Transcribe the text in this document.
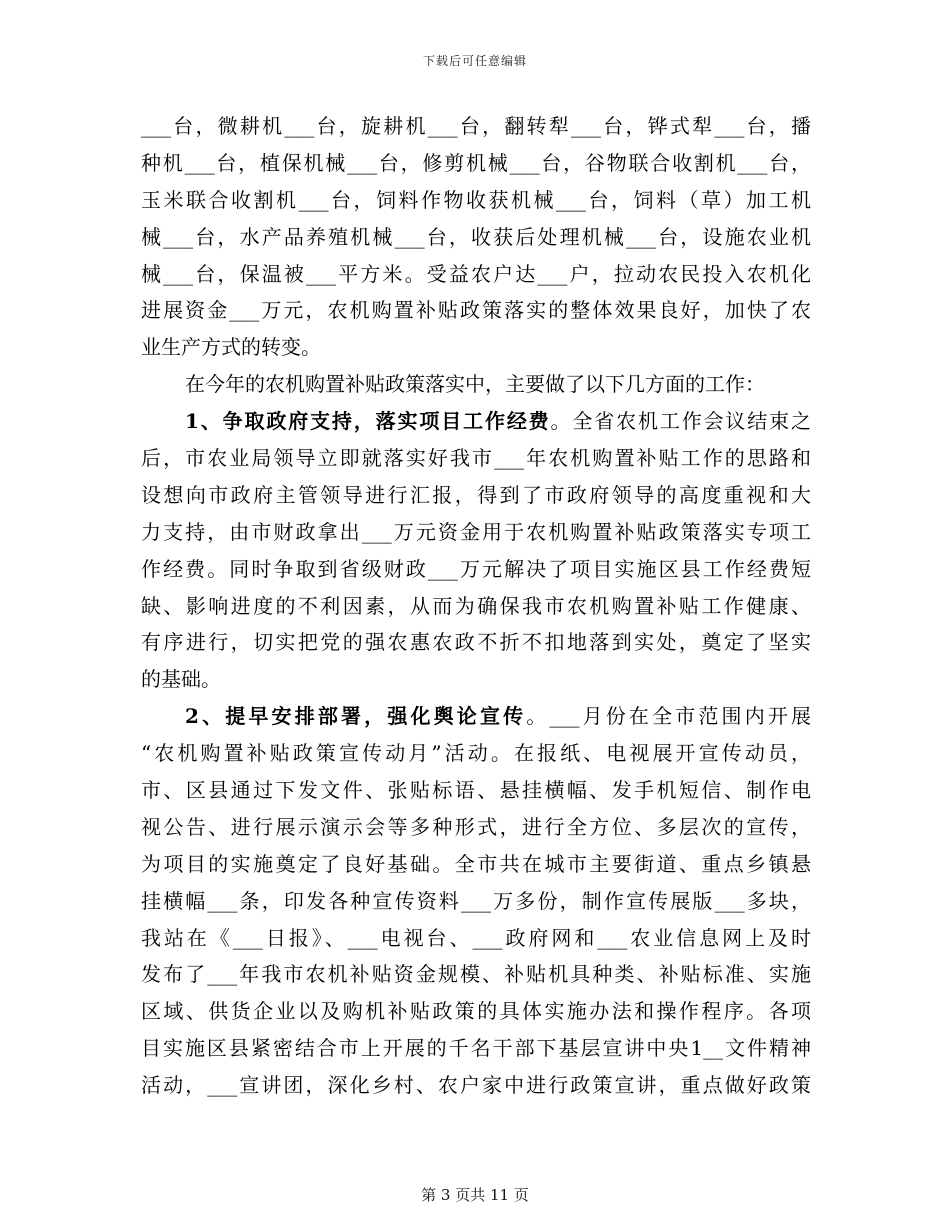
下载后可任意编辑
___台，微耕机___台，旋耕机___台，翻转犁___台，铧式犁___台，播
种机___台，植保机械___台，修剪机械___台，谷物联合收割机___台，
玉米联合收割机___台，饲料作物收获机械___台，饲料（草）加工机
械___台，水产品养殖机械___台，收获后处理机械___台，设施农业机
械___台，保温被___平方米。受益农户达___户，拉动农民投入农机化
进展资金___万元，农机购置补贴政策落实的整体效果良好，加快了农
业生产方式的转变。
在今年的农机购置补贴政策落实中，主要做了以下几方面的工作：
1、争取政府支持，落实项目工作经费。全省农机工作会议结束之
后，市农业局领导立即就落实好我市___年农机购置补贴工作的思路和
设想向市政府主管领导进行汇报，得到了市政府领导的高度重视和大
力支持，由市财政拿出___万元资金用于农机购置补贴政策落实专项工
作经费。同时争取到省级财政___万元解决了项目实施区县工作经费短
缺、影响进度的不利因素，从而为确保我市农机购置补贴工作健康、
有序进行，切实把党的强农惠农政不折不扣地落到实处，奠定了坚实
的基础。
2、提早安排部署，强化舆论宣传。___月份在全市范围内开展
“农机购置补贴政策宣传动月”活动。在报纸、电视展开宣传动员，
市、区县通过下发文件、张贴标语、悬挂横幅、发手机短信、制作电
视公告、进行展示演示会等多种形式，进行全方位、多层次的宣传，
为项目的实施奠定了良好基础。全市共在城市主要街道、重点乡镇悬
挂横幅___条，印发各种宣传资料___万多份，制作宣传展版___多块，
我站在《___日报》、___电视台、___政府网和___农业信息网上及时
发布了___年我市农机补贴资金规模、补贴机具种类、补贴标准、实施
区域、供货企业以及购机补贴政策的具体实施办法和操作程序。各项
目实施区县紧密结合市上开展的千名干部下基层宣讲中央1__文件精神
活动，___宣讲团，深化乡村、农户家中进行政策宣讲，重点做好政策
第 3 页共 11 页
